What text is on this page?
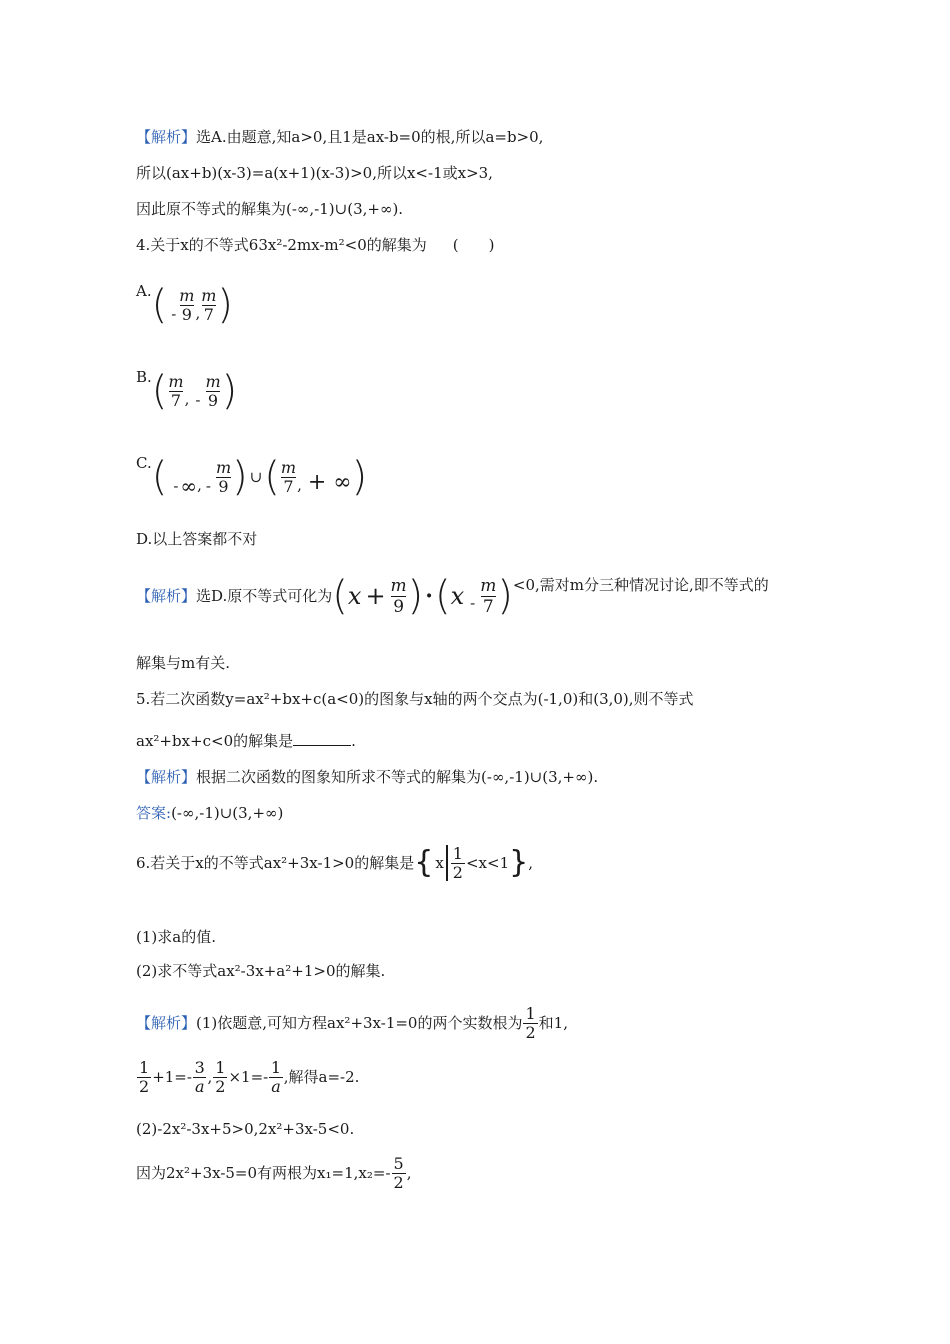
【解析】选A.由题意,知a>0,且1是ax-b=0的根,所以a=b>0,
所以(ax+b)(x-3)=a(x+1)(x-3)>0,所以x<-1或x>3,
因此原不等式的解集为(-∞,-1)∪(3,+∞).
4.关于x的不等式63x²-2mx-m²<0的解集为 (　　)
A. ( - $\frac{m}{9}$ , $\frac{m}{7}$ )
B. ( $\frac{m}{7}$ , - $\frac{m}{9}$ )
C. ( - ∞ , - $\frac{m}{9}$ ) ∪ ( $\frac{m}{7}$ , + ∞ )
D.以上答案都不对
【解析】 选D.原不等式可化为 ( $x + \frac{m}{9}$ ) · ( x - $\frac{m}{7}$ ) <0,需对m分三种情况讨论,即不等式的
解集与m有关.
5.若二次函数y=ax²+bx+c(a<0)的图象与x轴的两个交点为(-1,0)和(3,0),则不等式
ax²+bx+c<0的解集是	.
【解析】根据二次函数的图象知所求不等式的解集为(-∞,-1)∪(3,+∞).
答案:(-∞,-1)∪(3,+∞)
6.若关于x的不等式ax²+3x-1>0的解集是 { x $\frac{1}{2} <x<1$ } ,
(1)求a的值.
(2)求不等式ax²-3x+a²+1>0的解集.
【解析】 (1)依题意,可知方程ax²+3x-1=0的两个实数根为 $\frac{1}{2}$ 和1,
$\frac{1}{2} +1=- \frac{3}{a}$ , $\frac{1}{2} \times 1=- \frac{1}{a}$ ,解得a=-2.
(2)-2x²-3x+5>0,2x²+3x-5<0.
因为2x²+3x-5=0有两根为$x_1=1,x_2=- \frac{5}{2}$ ,
